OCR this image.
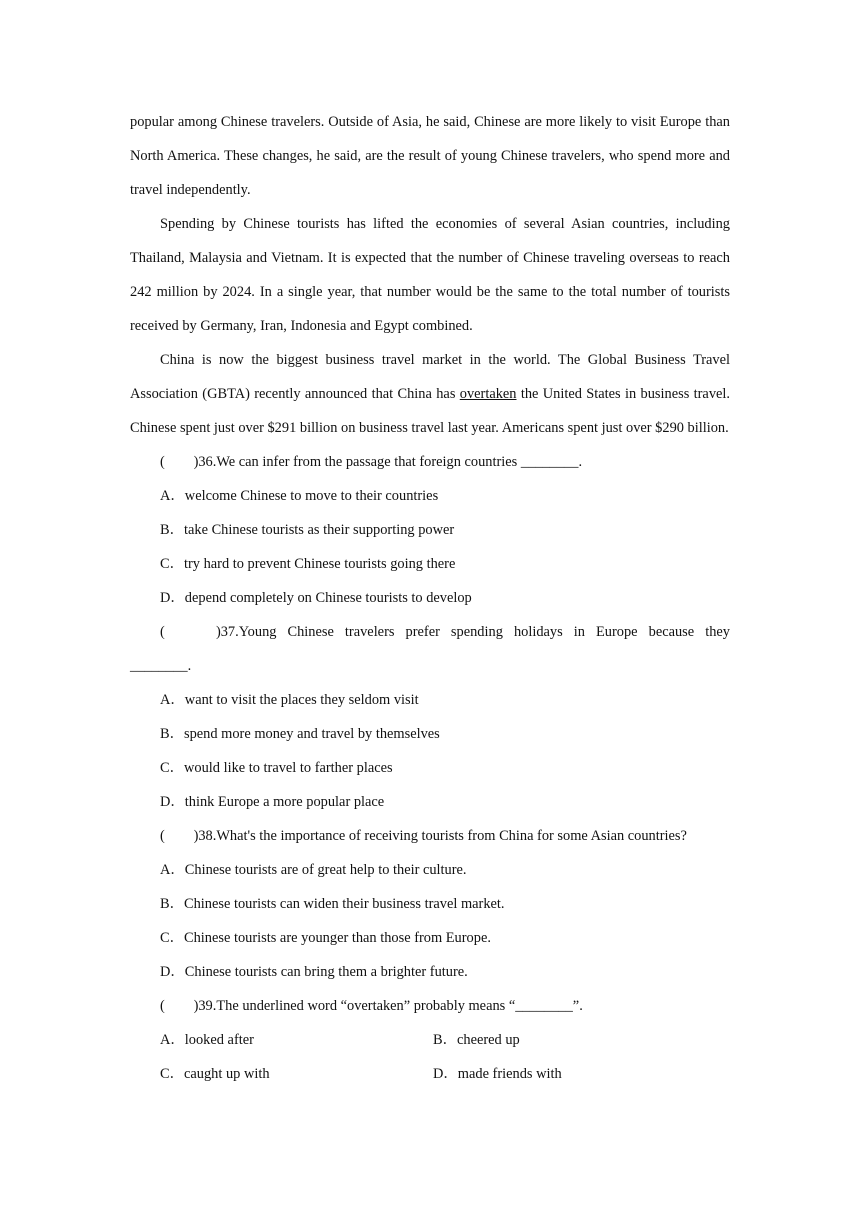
popular among Chinese travelers. Outside of Asia, he said, Chinese are more likely to visit Europe than North America. These changes, he said, are the result of young Chinese travelers, who spend more and travel independently.

Spending by Chinese tourists has lifted the economies of several Asian countries, including Thailand, Malaysia and Vietnam. It is expected that the number of Chinese traveling overseas to reach 242 million by 2024. In a single year, that number would be the same to the total number of tourists received by Germany, Iran, Indonesia and Egypt combined.

China is now the biggest business travel market in the world. The Global Business Travel Association (GBTA) recently announced that China has overtaken the United States in business travel. Chinese spent just over $291 billion on business travel last year. Americans spent just over $290 billion.

(　　)36.We can infer from the passage that foreign countries ________.

A．welcome Chinese to move to their countries

B．take Chinese tourists as their supporting power

C．try hard to prevent Chinese tourists going there

D．depend completely on Chinese tourists to develop

(　　)37.Young Chinese travelers prefer spending holidays in Europe because they

________.

A．want to visit the places they seldom visit

B．spend more money and travel by themselves

C．would like to travel to farther places

D．think Europe a more popular place

(　　)38.What's the importance of receiving tourists from China for some Asian countries?

A．Chinese tourists are of great help to their culture.

B．Chinese tourists can widen their business travel market.

C．Chinese tourists are younger than those from Europe.

D．Chinese tourists can bring them a brighter future.

(　　)39.The underlined word “overtaken” probably means “________”.

A．looked after	B．cheered up
C．caught up with	D．made friends with
